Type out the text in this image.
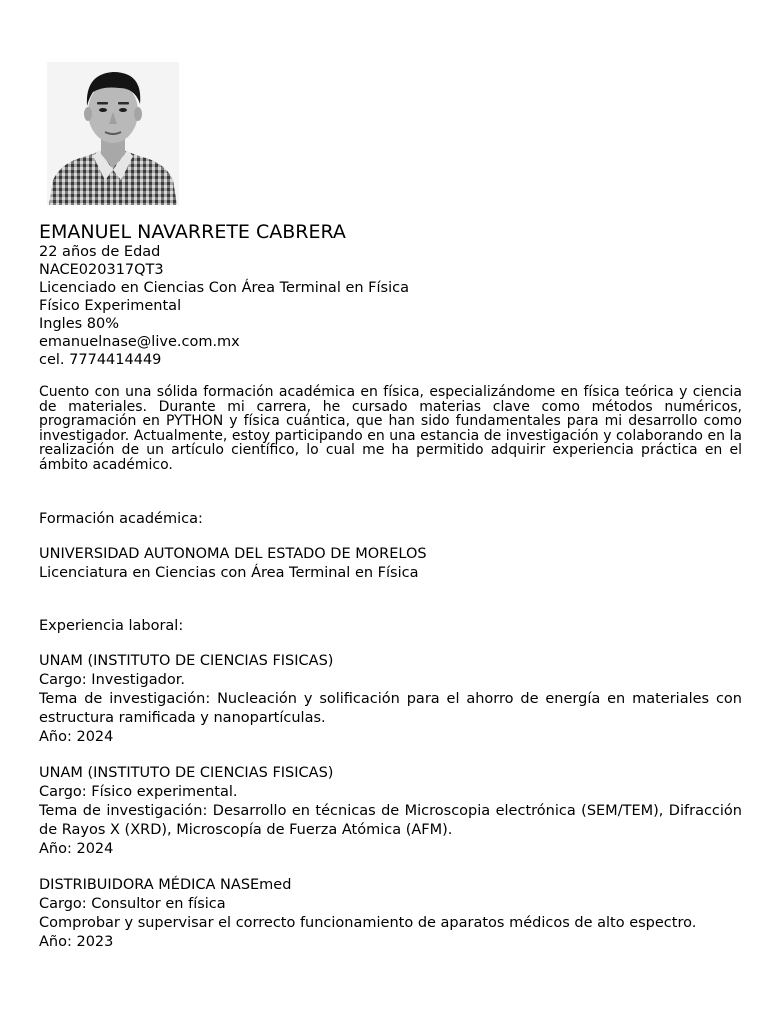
EMANUEL NAVARRETE CABRERA
22 años de Edad
NACE020317QT3
Licenciado en Ciencias Con Área Terminal en Física
Físico Experimental
Ingles 80%
emanuelnase@live.com.mx
cel. 7774414449
Cuento con una sólida formación académica en física, especializándome en física teórica y ciencia de materiales. Durante mi carrera, he cursado materias clave como métodos numéricos, programación en PYTHON y física cuántica, que han sido fundamentales para mi desarrollo como investigador. Actualmente, estoy participando en una estancia de investigación y colaborando en la realización de un artículo científico, lo cual me ha permitido adquirir experiencia práctica en el ámbito académico.
Formación académica:
UNIVERSIDAD AUTONOMA DEL ESTADO DE MORELOS
Licenciatura en Ciencias con Área Terminal en Física
Experiencia laboral:
UNAM (INSTITUTO DE CIENCIAS FISICAS)
Cargo: Investigador.
Tema de investigación: Nucleación y solificación para el ahorro de energía en materiales con estructura ramificada y nanopartículas.
Año: 2024
UNAM (INSTITUTO DE CIENCIAS FISICAS)
Cargo: Físico experimental.
Tema de investigación: Desarrollo en técnicas de Microscopia electrónica (SEM/TEM), Difracción de Rayos X (XRD), Microscopía de Fuerza Atómica (AFM).
Año: 2024
DISTRIBUIDORA MÉDICA NASEmed
Cargo: Consultor en física
Comprobar y supervisar el correcto funcionamiento de aparatos médicos de alto espectro.
Año: 2023
